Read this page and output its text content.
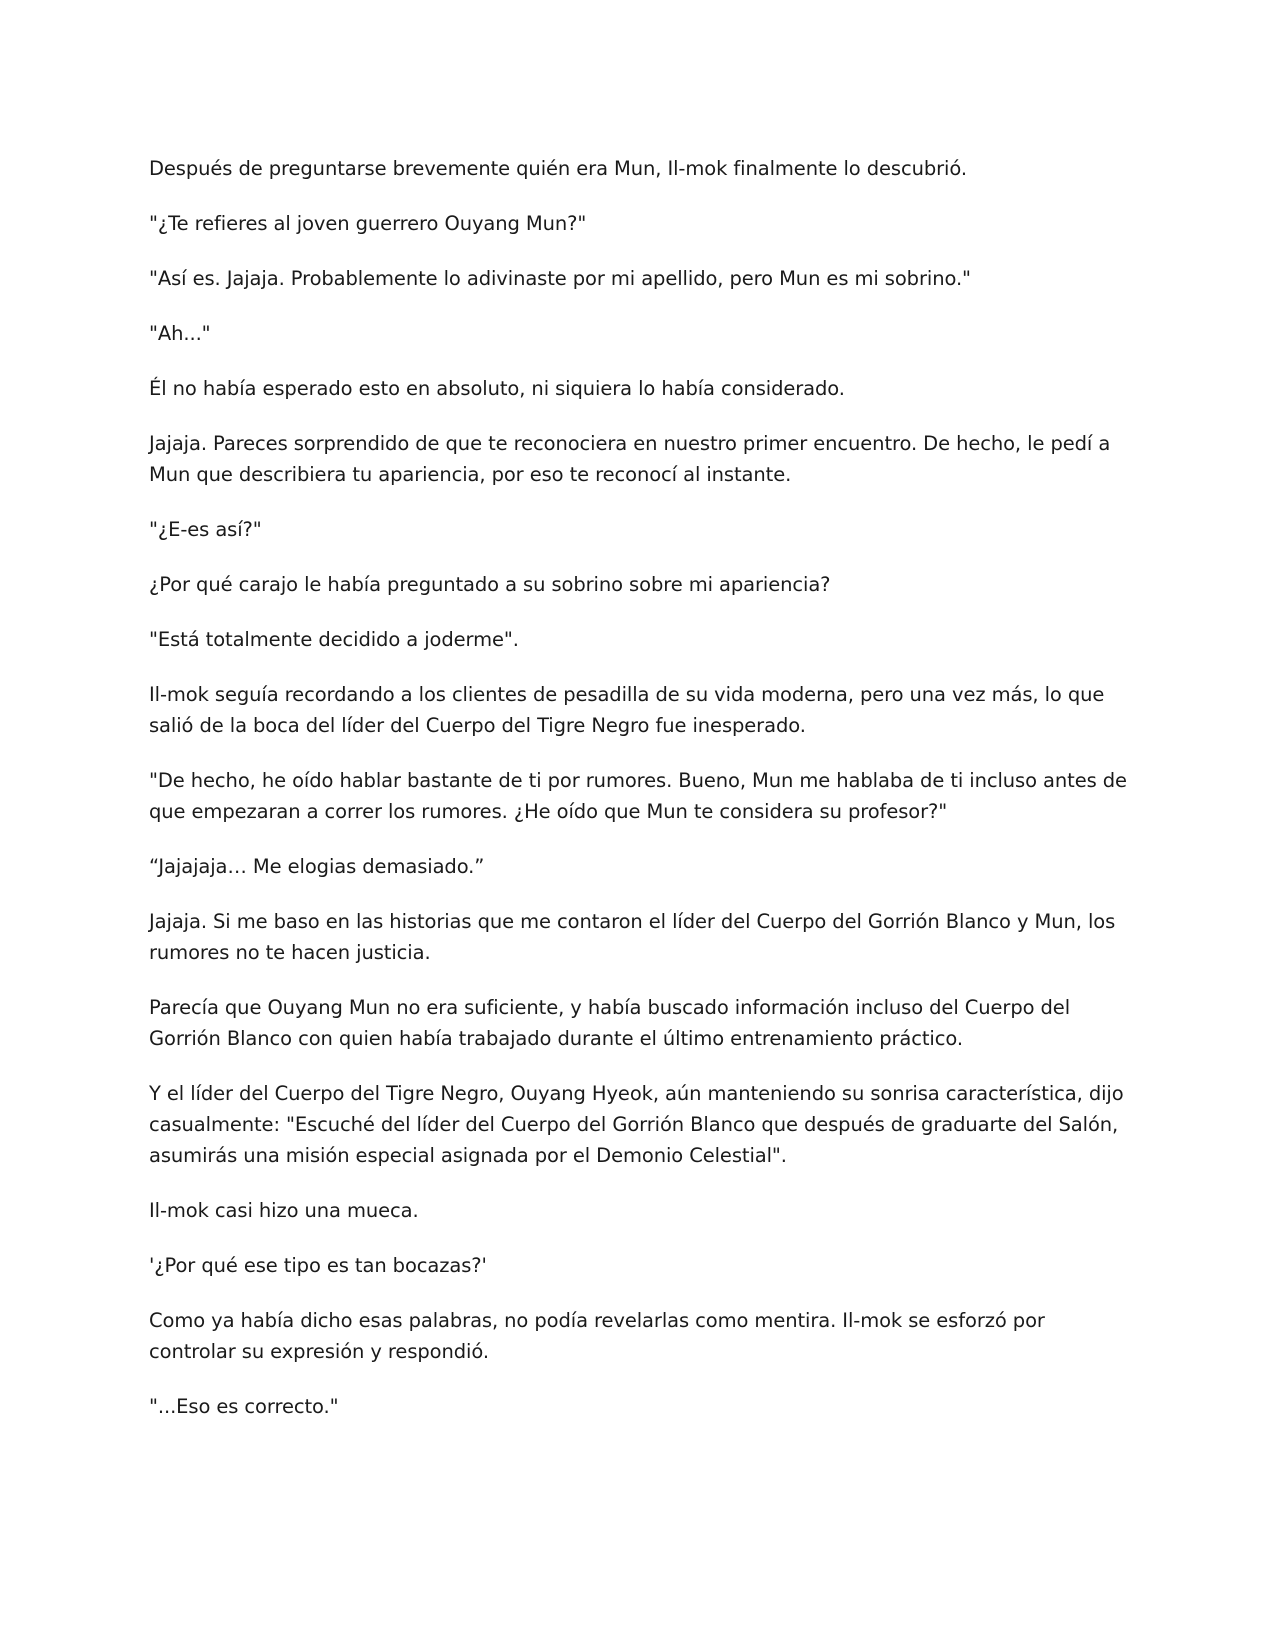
Después de preguntarse brevemente quién era Mun, Il-mok finalmente lo descubrió.

"¿Te refieres al joven guerrero Ouyang Mun?"

"Así es. Jajaja. Probablemente lo adivinaste por mi apellido, pero Mun es mi sobrino."

"Ah..."

Él no había esperado esto en absoluto, ni siquiera lo había considerado.

Jajaja. Pareces sorprendido de que te reconociera en nuestro primer encuentro. De hecho, le pedí a Mun que describiera tu apariencia, por eso te reconocí al instante.

"¿E-es así?"

¿Por qué carajo le había preguntado a su sobrino sobre mi apariencia?

"Está totalmente decidido a joderme".

Il-mok seguía recordando a los clientes de pesadilla de su vida moderna, pero una vez más, lo que salió de la boca del líder del Cuerpo del Tigre Negro fue inesperado.

"De hecho, he oído hablar bastante de ti por rumores. Bueno, Mun me hablaba de ti incluso antes de que empezaran a correr los rumores. ¿He oído que Mun te considera su profesor?"

“Jajajaja… Me elogias demasiado.”

Jajaja. Si me baso en las historias que me contaron el líder del Cuerpo del Gorrión Blanco y Mun, los rumores no te hacen justicia.

Parecía que Ouyang Mun no era suficiente, y había buscado información incluso del Cuerpo del Gorrión Blanco con quien había trabajado durante el último entrenamiento práctico.

Y el líder del Cuerpo del Tigre Negro, Ouyang Hyeok, aún manteniendo su sonrisa característica, dijo casualmente: "Escuché del líder del Cuerpo del Gorrión Blanco que después de graduarte del Salón, asumirás una misión especial asignada por el Demonio Celestial".

Il-mok casi hizo una mueca.

'¿Por qué ese tipo es tan bocazas?'

Como ya había dicho esas palabras, no podía revelarlas como mentira. Il-mok se esforzó por controlar su expresión y respondió.

"...Eso es correcto."
